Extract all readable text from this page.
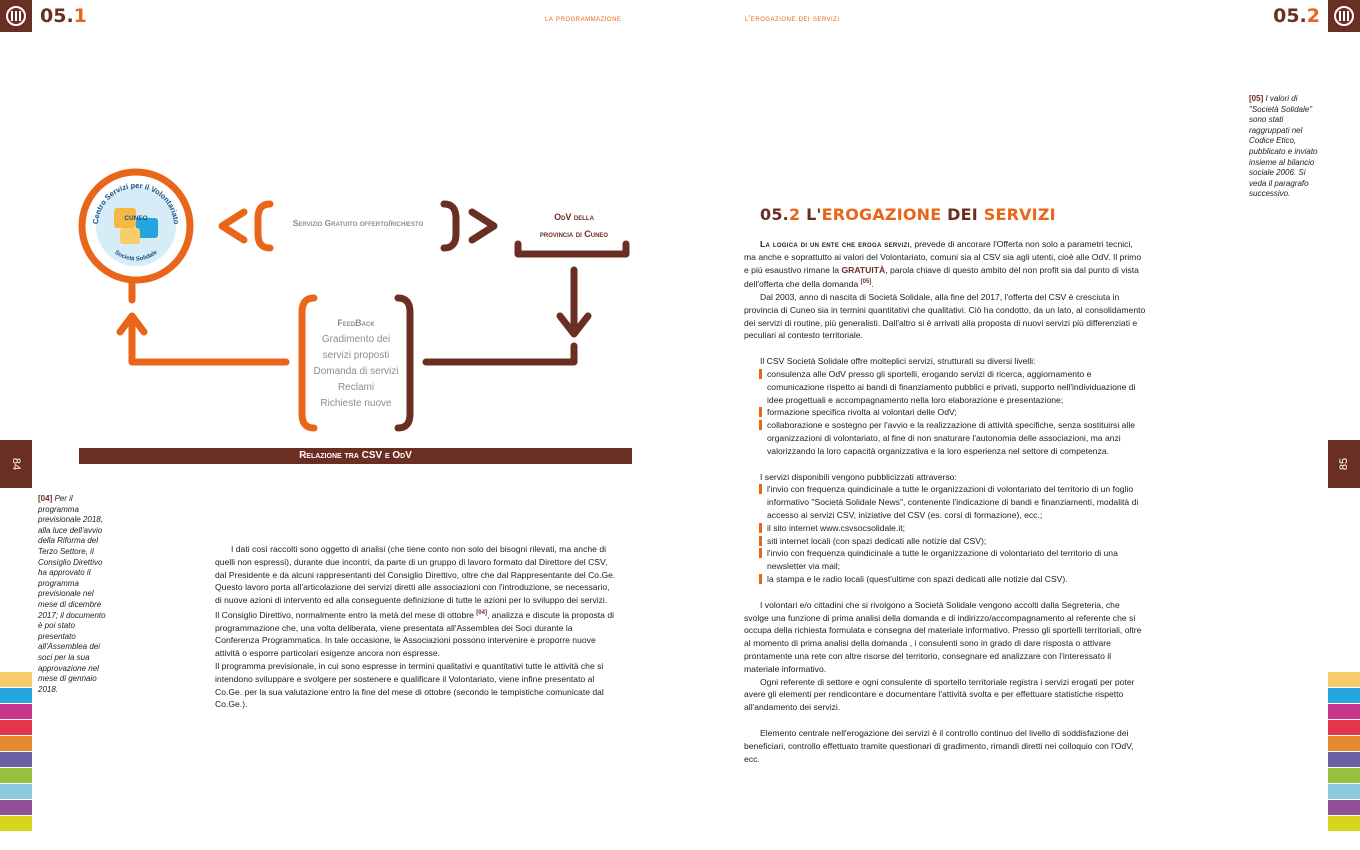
05.1	05.2
la programmazione	l'erogazione dei servizi
84	85
Centro Servizi per il Volontariato
CUNEO
Società Solidale
Servizio Gratuito offerto/richiesto
OdV della
provincia di Cuneo
FeedBack
Gradimento dei
servizi proposti
Domanda di servizi
Reclami
Richieste nuove
Relazione tra CSV e OdV
[04] Per il programma previsionale 2018, alla luce dell'avvio della Riforma del Terzo Settore, il Consiglio Direttivo ha approvato il programma previsionale nel mese di dicembre 2017; il documento è poi stato presentato all'Assemblea dei soci per la sua approvazione nel mese di gennaio 2018.
[05] I valori di "Società Solidale" sono stati raggruppati nel Codice Etico, pubblicato e inviato insieme al bilancio sociale 2006. Si veda il paragrafo successivo.

I dati così raccolti sono oggetto di analisi (che tiene conto non solo dei bisogni rilevati, ma anche di quelli non espressi), durante due incontri, da parte di un gruppo di lavoro formato dal Direttore del CSV, dal Presidente e da alcuni rappresentanti del Consiglio Direttivo, oltre che dal Rappresentante del Co.Ge.

Questo lavoro porta all'articolazione dei servizi diretti alle associazioni con l'introduzione, se necessario, di nuove azioni di intervento ed alla conseguente definizione di tutte le azioni per lo sviluppo dei servizi.

Il Consiglio Direttivo, normalmente entro la metà del mese di ottobre [04], analizza e discute la proposta di programmazione che, una volta deliberata, viene presentata all'Assemblea dei Soci durante la Conferenza Programmatica. In tale occasione, le Associazioni possono intervenire e proporre nuove attività o esporre particolari esigenze ancora non espresse.

Il programma previsionale, in cui sono espresse in termini qualitativi e quantitativi tutte le attività che si intendono sviluppare e svolgere per sostenere e qualificare il Volontariato, viene infine presentato al Co.Ge. per la sua valutazione entro la fine del mese di ottobre (secondo le tempistiche comunicate dal Co.Ge.).

05.2 L'EROGAZIONE DEI SERVIZI

La logica di un ente che eroga servizi, prevede di ancorare l'Offerta non solo a parametri tecnici, ma anche e soprattutto ai valori del Volontariato, comuni sia al CSV sia agli utenti, cioè alle OdV. Il primo e più esaustivo rimane la GRATUITÀ, parola chiave di questo ambito del non profit sia dal punto di vista dell'offerta che della domanda [05].

Dal 2003, anno di nascita di Società Solidale, alla fine del 2017, l'offerta del CSV è cresciuta in provincia di Cuneo sia in termini quantitativi che qualitativi. Ciò ha condotto, da un lato, al consolidamento dei servizi di routine, più generalisti. Dall'altro si è arrivati alla proposta di nuovi servizi più differenziati e peculiari al contesto territoriale.

Il CSV Società Solidale offre molteplici servizi, strutturati su diversi livelli:

consulenza alle OdV presso gli sportelli, erogando servizi di ricerca, aggiornamento e comunicazione rispetto ai bandi di finanziamento pubblici e privati, supporto nell'individuazione di idee progettuali e accompagnamento nella loro elaborazione e presentazione;

formazione specifica rivolta ai volontari delle OdV;

collaborazione e sostegno per l'avvio e la realizzazione di attività specifiche, senza sostituirsi alle organizzazioni di volontariato, al fine di non snaturare l'autonomia delle associazioni, ma anzi valorizzando la loro capacità organizzativa e la loro esperienza nel settore di competenza.

I servizi disponibili vengono pubblicizzati attraverso:

l'invio con frequenza quindicinale a tutte le organizzazioni di volontariato del territorio di un foglio informativo "Società Solidale News", contenente l'indicazione di bandi e finanziamenti, modalità di accesso ai servizi CSV, iniziative del CSV (es. corsi di formazione), ecc.;

il sito internet www.csvsocsolidale.it;

siti internet locali (con spazi dedicati alle notizie dal CSV);

l'invio con frequenza quindicinale a tutte le organizzazione di volontariato del territorio di una newsletter via mail;

la stampa e le radio locali (quest'ultime con spazi dedicati alle notizie dal CSV).

I volontari e/o cittadini che si rivolgono a Società Solidale vengono accolti dalla Segreteria, che svolge una funzione di prima analisi della domanda e di indirizzo/accompagnamento al referente che si occupa della richiesta formulata e consegna del materiale informativo. Presso gli sportelli territoriali, oltre al momento di prima analisi della domanda , i consulenti sono in grado di dare risposta o attivare prontamente una rete con altre risorse del territorio, consegnare ed analizzare con l'interessato il materiale informativo.

Ogni referente di settore e ogni consulente di sportello territoriale registra i servizi erogati per poter avere gli elementi per rendicontare e documentare l'attività svolta e per effettuare statistiche rispetto all'andamento dei servizi.

Elemento centrale nell'erogazione dei servizi è il controllo continuo del livello di soddisfazione dei beneficiari, controllo effettuato tramite questionari di gradimento, rimandi diretti nei colloquio con l'OdV, ecc.
